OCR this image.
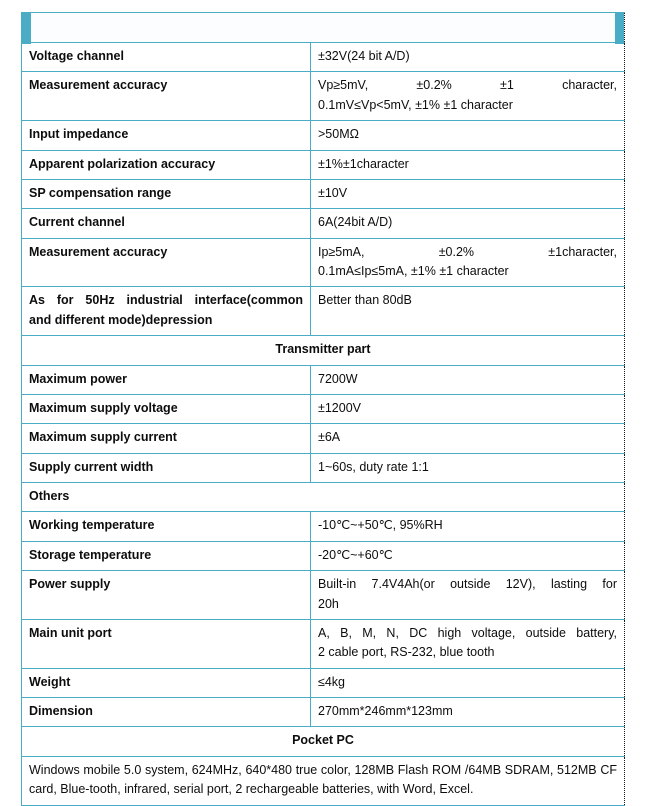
Voltage channel	±32V(24 bit A/D)

Measurement accuracy	Vp≥5mV, ±0.2% ±1 character,
0.1mV≤Vp<5mV, ±1% ±1 character

Input impedance	>50MΩ

Apparent polarization accuracy	±1%±1character

SP compensation range	±10V

Current channel	6A(24bit A/D)

Measurement accuracy	Ip≥5mA, ±0.2% ±1character,
0.1mA≤Ip≤5mA, ±1% ±1 character

As for 50Hz industrial interface(common
and different mode)depression	Better than 80dB

Transmitter part	

Maximum power	7200W

Maximum supply voltage	±1200V

Maximum supply current	±6A

Supply current width	1~60s, duty rate 1:1

Others	

Working temperature	-10℃~+50℃, 95%RH

Storage temperature	-20℃~+60℃

Power supply	Built-in 7.4V4Ah(or outside 12V), lasting for
20h

Main unit port	A, B, M, N, DC high voltage, outside battery,
2 cable port, RS-232, blue tooth

Weight	≤4kg

Dimension	270mm*246mm*123mm

Pocket PC	
Windows mobile 5.0 system, 624MHz, 640*480 true color, 128MB Flash ROM /64MB SDRAM, 512MB CF card, Blue-tooth, infrared, serial port, 2 rechargeable batteries, with Word, Excel.	
